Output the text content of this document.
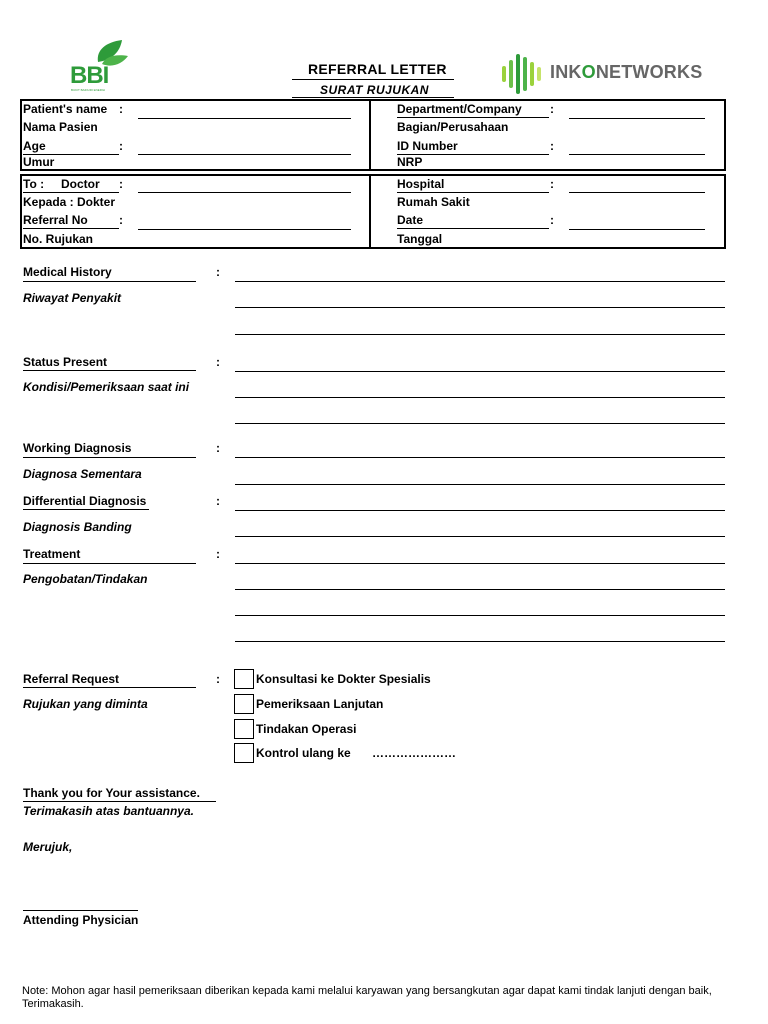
BBI
BUKIT BAIDURI ENERGI
REFERRAL LETTER
SURAT RUJUKAN
INKONETWORKS
Patient's name :
Nama Pasien
Age	:
Umur
Department/Company :
Bagian/Perusahaan
ID Number	:
NRP
To : Doctor :
Kepada : Dokter
Referral No	:
No. Rujukan
Hospital	:
Rumah Sakit
Date	:
Tanggal
Medical History	:
Riwayat Penyakit
Status Present	:
Kondisi/Pemeriksaan saat ini
Working Diagnosis	:
Diagnosa Sementara
Differential Diagnosis	:
Diagnosis Banding
Treatment	:
Pengobatan/Tindakan
Referral Request	:
Rujukan yang diminta
Konsultasi ke Dokter Spesialis
Pemeriksaan Lanjutan
Tindakan Operasi
Kontrol ulang ke …………………
Thank you for Your assistance.
Terimakasih atas bantuannya.
Merujuk,
Attending Physician
Note: Mohon agar hasil pemeriksaan diberikan kepada kami melalui karyawan yang bersangkutan agar dapat kami tindak lanjuti dengan baik, Terimakasih.
